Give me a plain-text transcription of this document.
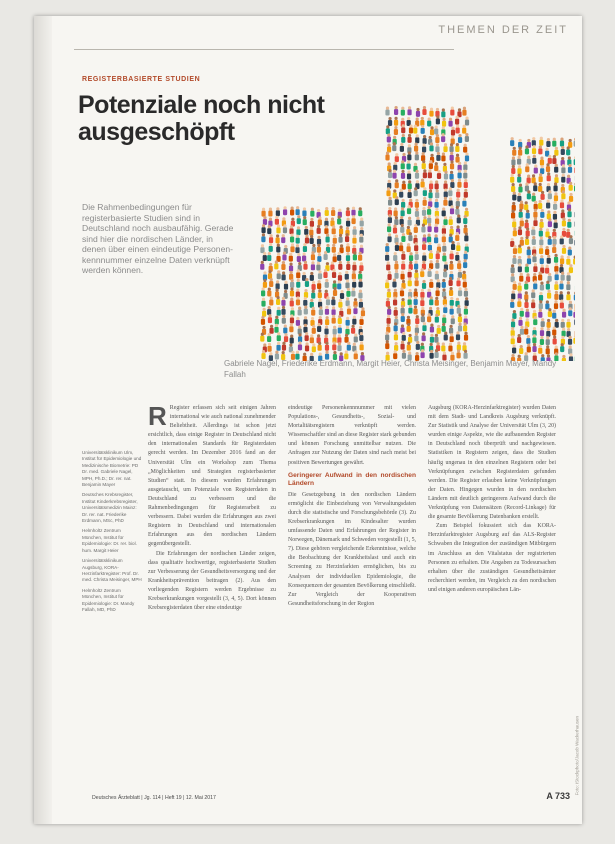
THEMEN DER ZEIT
REGISTERBASIERTE STUDIEN
Potenziale noch nicht ausgeschöpft
Die Rahmenbedingungen für registerbasierte Studien sind in Deutschland noch ausbaufähig. Gerade sind hier die nordischen Länder, in denen über einen eindeutige Personen-kennnummer einzelne Daten verknüpft werden können.
Gabriele Nagel, Friederike Erdmann, Margit Heier, Christa Meisinger, Benjamin Mayer, Mandy Fallah

Universitätsklinikum Ulm, Institut für Epidemiologie und Medizinische Biometrie: PD Dr. med. Gabriele Nagel, MPH, Ph.D.; Dr. rer. nat. Benjamin Mayer

Deutsches Krebsregister, Institut Kinderkrebsregister, Universitätsmedizin Mainz: Dr. rer. nat. Friederike Erdmann, MSc, PhD

Helmholtz Zentrum München, Institut für Epidemiologie: Dr. rer. biol. hum. Margit Heier

Universitätsklinikum Augsburg, KORA-Herzinfarktregister: Prof. Dr. med. Christa Meisinger, MPH

Helmholtz Zentrum München, Institut für Epidemiologie: Dr. Mandy Fallah, MD, PhD

R Register erfassen sich seit einigen Jahren international wie auch national zunehmender Beliebtheit. Allerdings ist schon jetzt ersichtlich, dass einige Register in Deutschland nicht den internationalen Standards für Registerdaten gerecht werden. Im Dezember 2016 fand an der Universität Ulm ein Workshop zum Thema „Möglichkeiten und Strategien registerbasierter Studien“ statt. In diesem wurden Erfahrungen ausgetauscht, um Potenziale von Registerdaten in Deutschland zu verbessern und die Rahmenbedingungen für Registerarbeit zu verbessern. Dabei wurden die Erfahrungen aus zwei Registern in Deutschland und internationalen Erfahrungen aus den nordischen Ländern gegenübergestellt.

Die Erfahrungen der nordischen Länder zeigen, dass qualitativ hochwertige, registerbasierte Studien zur Verbesserung der Gesundheitsversorgung und der Krankheitsprävention beitragen (2). Aus den vorliegenden Registern werden Ergebnisse zu Krebserkrankungen vorgestellt (3, 4, 5). Dort können Krebsregisterdaten über eine eindeutige

eindeutige Personenkennnummer mit vielen Populations-, Gesundheits-, Sozial- und Mortalitätsregistern verknüpft werden. Wissenschaftler sind an diese Register stark gebunden und können Forschung unmittelbar nutzen. Die Anfragen zur Nutzung der Daten sind nach meist bei positiven Bewertungen gewährt.

Geringerer Aufwand in den nordischen Ländern

Die Gesetzgebung in den nordischen Ländern ermöglicht die Einbeziehung von Verwaltungsdaten durch die statistische und Forschungsbehörde (3). Zu Krebserkrankungen im Kindesalter wurden umfassende Daten und Erfahrungen der Register in Norwegen, Dänemark und Schweden vorgestellt (1, 5, 7). Diese gehören vergleichende Erkenntnisse, welche die Beobachtung der Krankheitslast und auch ein Screening zu Herzinfarkten ermöglichen, bis zu Analysen der individuellen Epidemiologie, die Konsequenzen der gesamten Bevölkerung einschließt. Zur Vergleich der Kooperativen Gesundheitsforschung in der Region

Augsburg (KORA-Herzinfarktregister) wurden Daten mit dem Stadt- und Landkreis Augsburg verknüpft. Zur Statistik und Analyse der Universität Ulm (3, 20) wurden einige Aspekte, wie die aufbauenden Register in Deutschland noch überprüft und nachgewiesen. Statistiken in Registern zeigen, dass die Studien häufig ungenau in den einzelnen Registern oder bei Verknüpfungen zwischen Registerdaten gefunden werden. Die Register erlauben keine Verknüpfungen der Daten. Hingegen wurden in den nordischen Ländern mit deutlich geringerem Aufwand durch die Verknüpfung von Datensätzen (Record-Linkage) für die gesamte Bevölkerung Datenbanken erstellt.

Zum Beispiel fokussiert sich das KORA-Herzinfarktregister Augsburg auf das ALS-Register Schwaben die Integration der zuständigen Mitbürgern im Anschluss an den Vitalstatus der registrierten Personen zu erhalten. Die Angaben zu Todesursachen erhalten über die zuständigen Gesundheitsämter recherchiert werden, im Vergleich zu den nordischen und einigen anderen europäischen Län-

Deutsches Ärzteblatt | Jg. 114 | Heft 19 | 12. Mai 2017	A 733
Foto: iStockphoto/Jacob Wackerhausen
